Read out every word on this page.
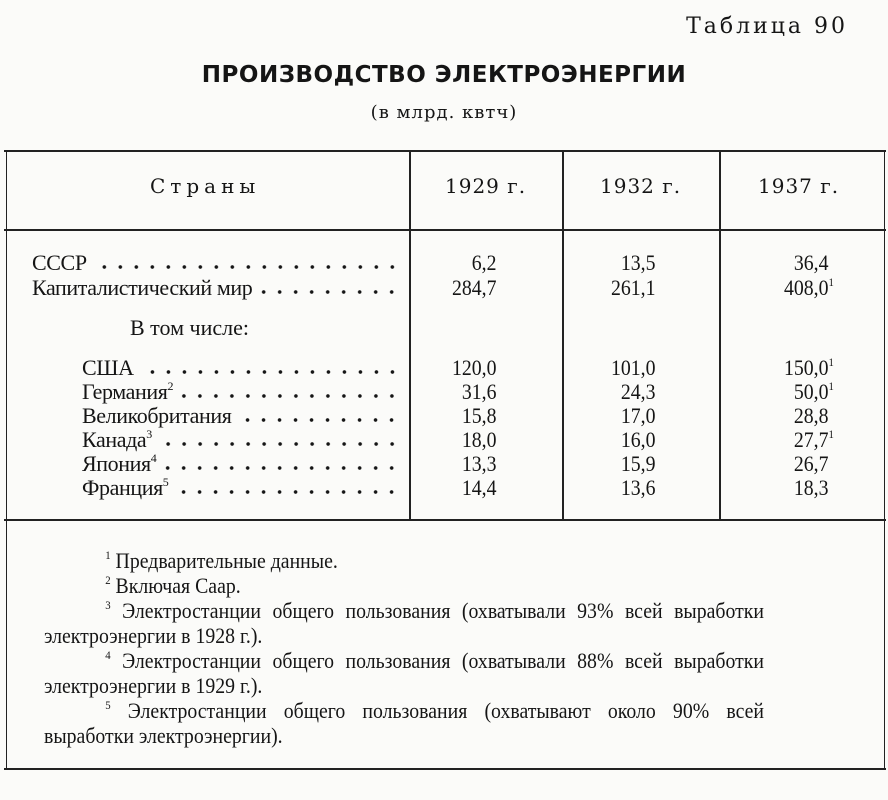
Таблица 90
ПРОИЗВОДСТВО ЭЛЕКТРОЭНЕРГИИ
(в млрд. квтч)
Страны	1929 г.	1932 г.	1937 г.
СССР	6,2	13,5	36,4
Капиталистический мир	284,7	261,1	408,0 1
В том числе:
США	120,0	101,0	150,0 1
Германия$^2$	31,6	24,3	50,0 1
Великобритания	15,8	17,0	28,8
Канада$^3$	18,0	16,0	27,7 1
Япония$^4$	13,3	15,9	26,7
Франция$^5$	14,4	13,6	18,3

$^1$ Предварительные данные.

$^2$ Включая Саар.

$^3$ Электростанции общего пользования (охватывали 93% всей выработки электроэнергии в 1928 г.).

$^4$ Электростанции общего пользования (охватывали 88% всей выработки электроэнергии в 1929 г.).

$^5$ Электростанции общего пользования (охватывают около 90% всей выработки электроэнергии).
